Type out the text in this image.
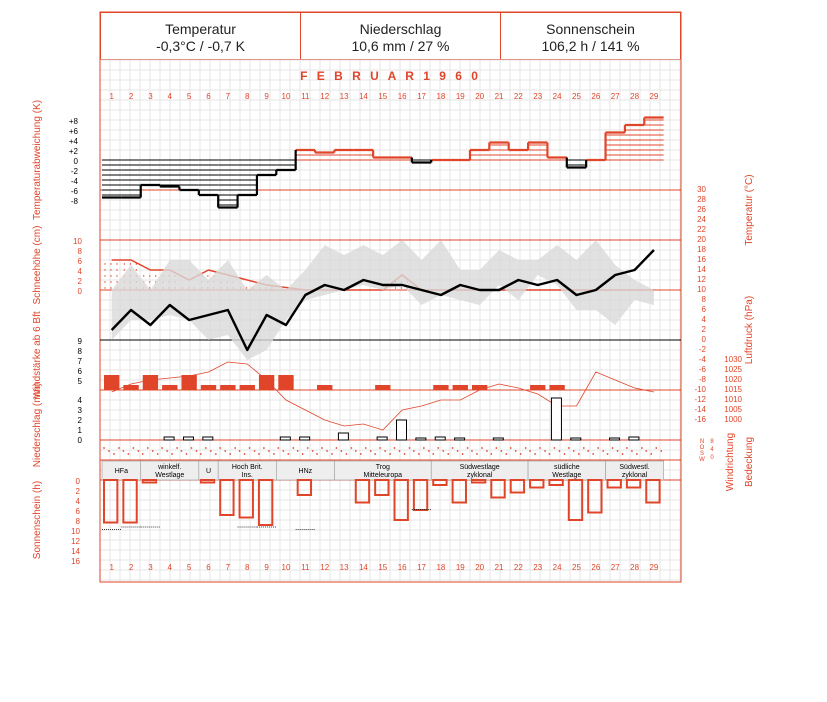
Temperatur
-0,3°C / -0,7 K
Niederschlag
10,6 mm / 27 %
Sonnenschein
106,2 h / 141 %
F E B R U A R 1 9 6 0
1
1
2
2
3
3
4
4
5
5
6
6
7
7
8
8
9
9
10
10
11
11
12
12
13
13
14
14
15
15
16
16
17
17
18
18
19
19
20
20
21
21
22
22
23
23
24
24
25
25
26
26
27
27
28
28
29
29
+8
+6
+4
+2
0
-2
-4
-6
-8
10
8
6
4
2
0
9
8
7
6
5
4
3
2
1
0
0
2
4
6
8
10
12
14
16
30
28
26
24
22
20
18
16
14
12
10
8
6
4
2
0
-2
-4
-6
-8
-10
-12
-14
-16
1030
1025
1020
1015
1010
1005
1000
N
O
S
W
8
4
0
Temperaturabweichung (K)
Schneehöhe (cm)
Windstärke ab 6 Bft
Niederschlag (mm)
Sonnenschein (h)
Temperatur (°C)
Luftdruck (hPa)
Windrichtung Bedeckung
HFa
winkelf.
Westlage
U
Hoch Brit.
Ins.
HNz
Trog
Mitteleuropa
Südwestlage
zyklonal
südliche
Westlage
Südwestl.
zyklonal
